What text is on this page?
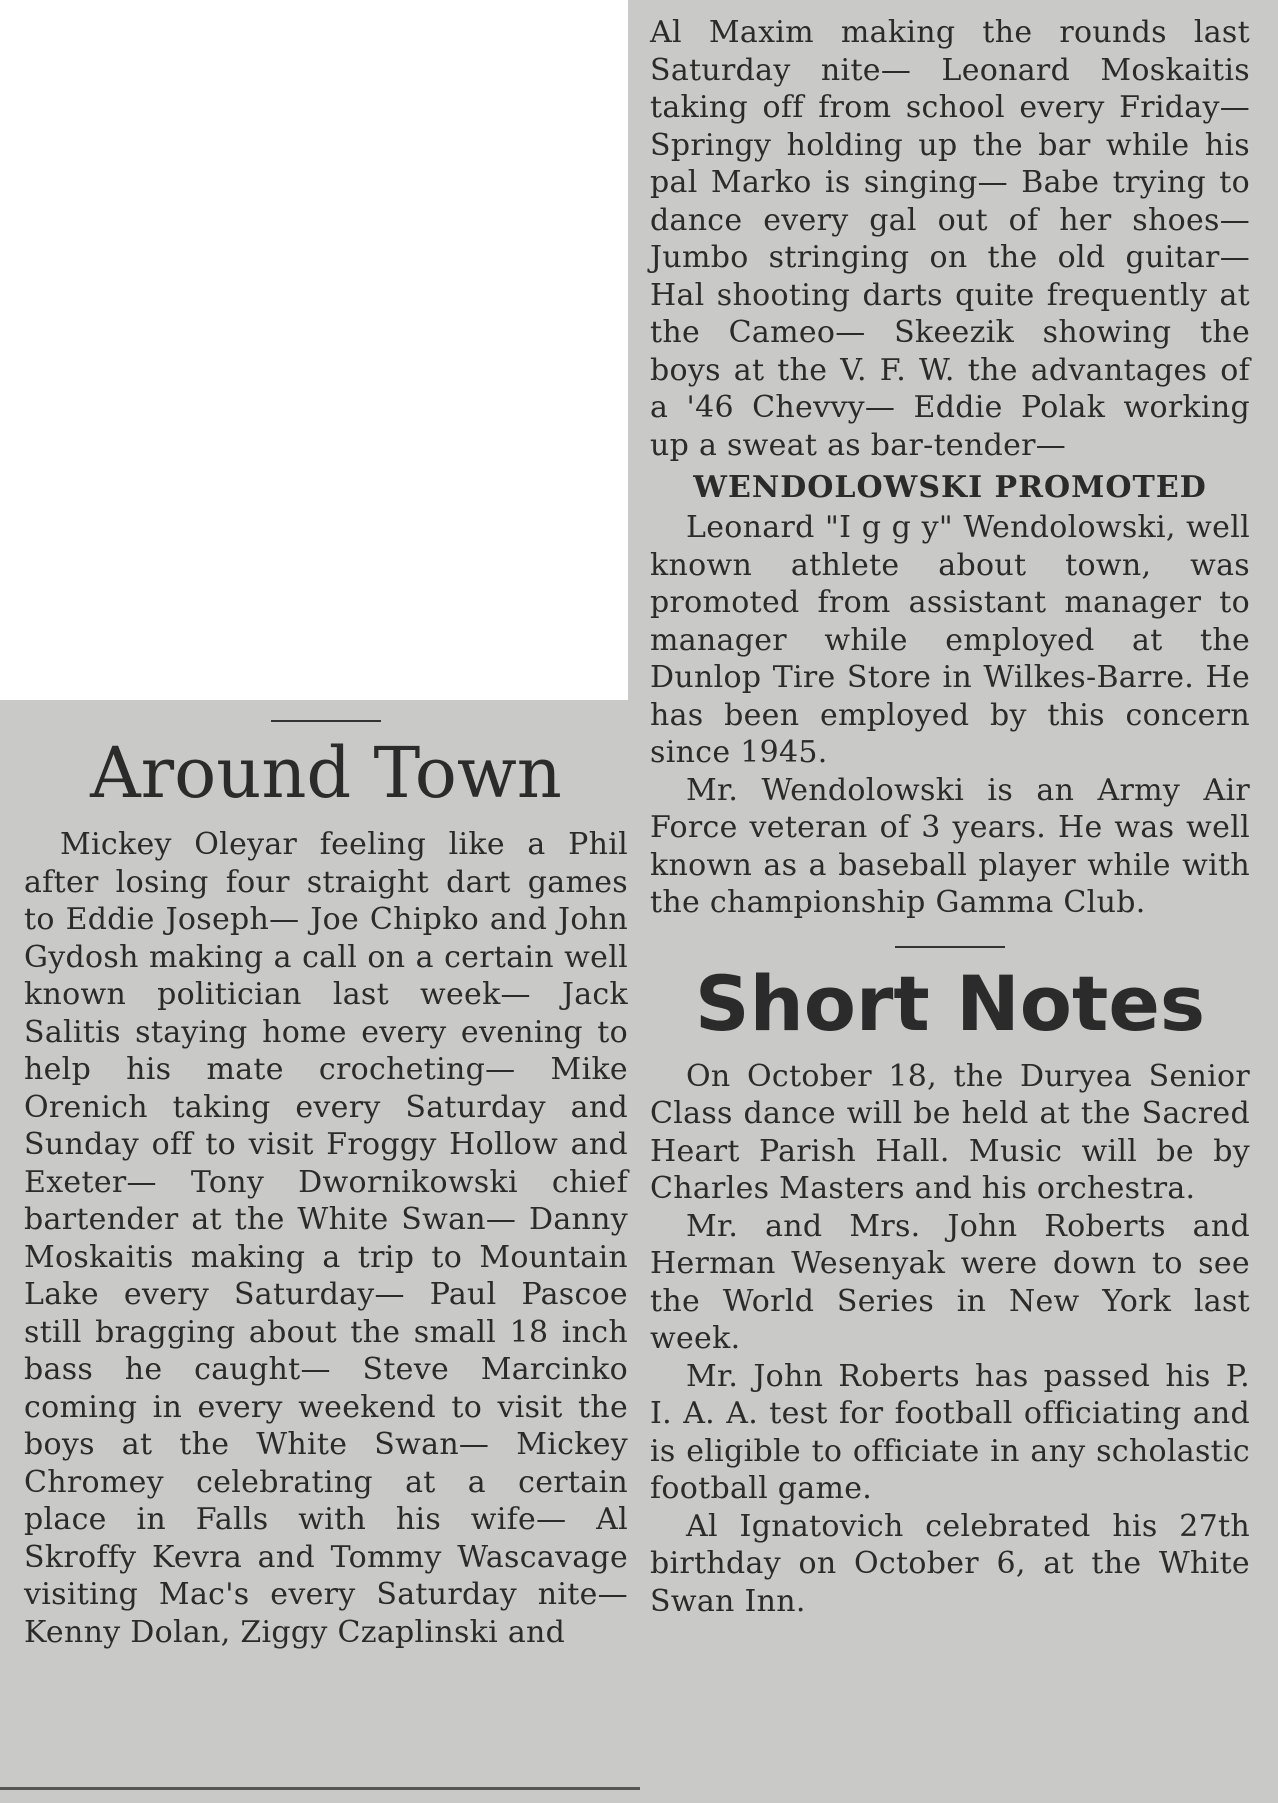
Al Maxim making the rounds last Saturday nite— Leonard Moskaitis taking off from school every Friday— Springy holding up the bar while his pal Marko is singing— Babe trying to dance every gal out of her shoes— Jumbo stringing on the old guitar— Hal shooting darts quite frequently at the Cameo— Skeezik showing the boys at the V. F. W. the advantages of a '46 Chevvy— Eddie Polak working up a sweat as bar-tender—

WENDOLOWSKI PROMOTED

Leonard "I g g y" Wendolowski, well known athlete about town, was promoted from assistant manager to manager while employed at the Dunlop Tire Store in Wilkes-Barre. He has been employed by this concern since 1945.

Mr. Wendolowski is an Army Air Force veteran of 3 years. He was well known as a baseball player while with the championship Gamma Club.

Short Notes

On October 18, the Duryea Senior Class dance will be held at the Sacred Heart Parish Hall. Music will be by Charles Masters and his orchestra.

Mr. and Mrs. John Roberts and Herman Wesenyak were down to see the World Series in New York last week.

Mr. John Roberts has passed his P. I. A. A. test for football officiating and is eligible to officiate in any scholastic football game.

Al Ignatovich celebrated his 27th birthday on October 6, at the White Swan Inn.

Around Town

Mickey Oleyar feeling like a Phil after losing four straight dart games to Eddie Joseph— Joe Chipko and John Gydosh making a call on a certain well known politician last week— Jack Salitis staying home every evening to help his mate crocheting— Mike Orenich taking every Saturday and Sunday off to visit Froggy Hollow and Exeter— Tony Dwornikowski chief bartender at the White Swan— Danny Moskaitis making a trip to Mountain Lake every Saturday— Paul Pascoe still bragging about the small 18 inch bass he caught— Steve Marcinko coming in every weekend to visit the boys at the White Swan— Mickey Chromey celebrating at a certain place in Falls with his wife— Al Skroffy Kevra and Tommy Wascavage visiting Mac's every Saturday nite— Kenny Dolan, Ziggy Czaplinski and
